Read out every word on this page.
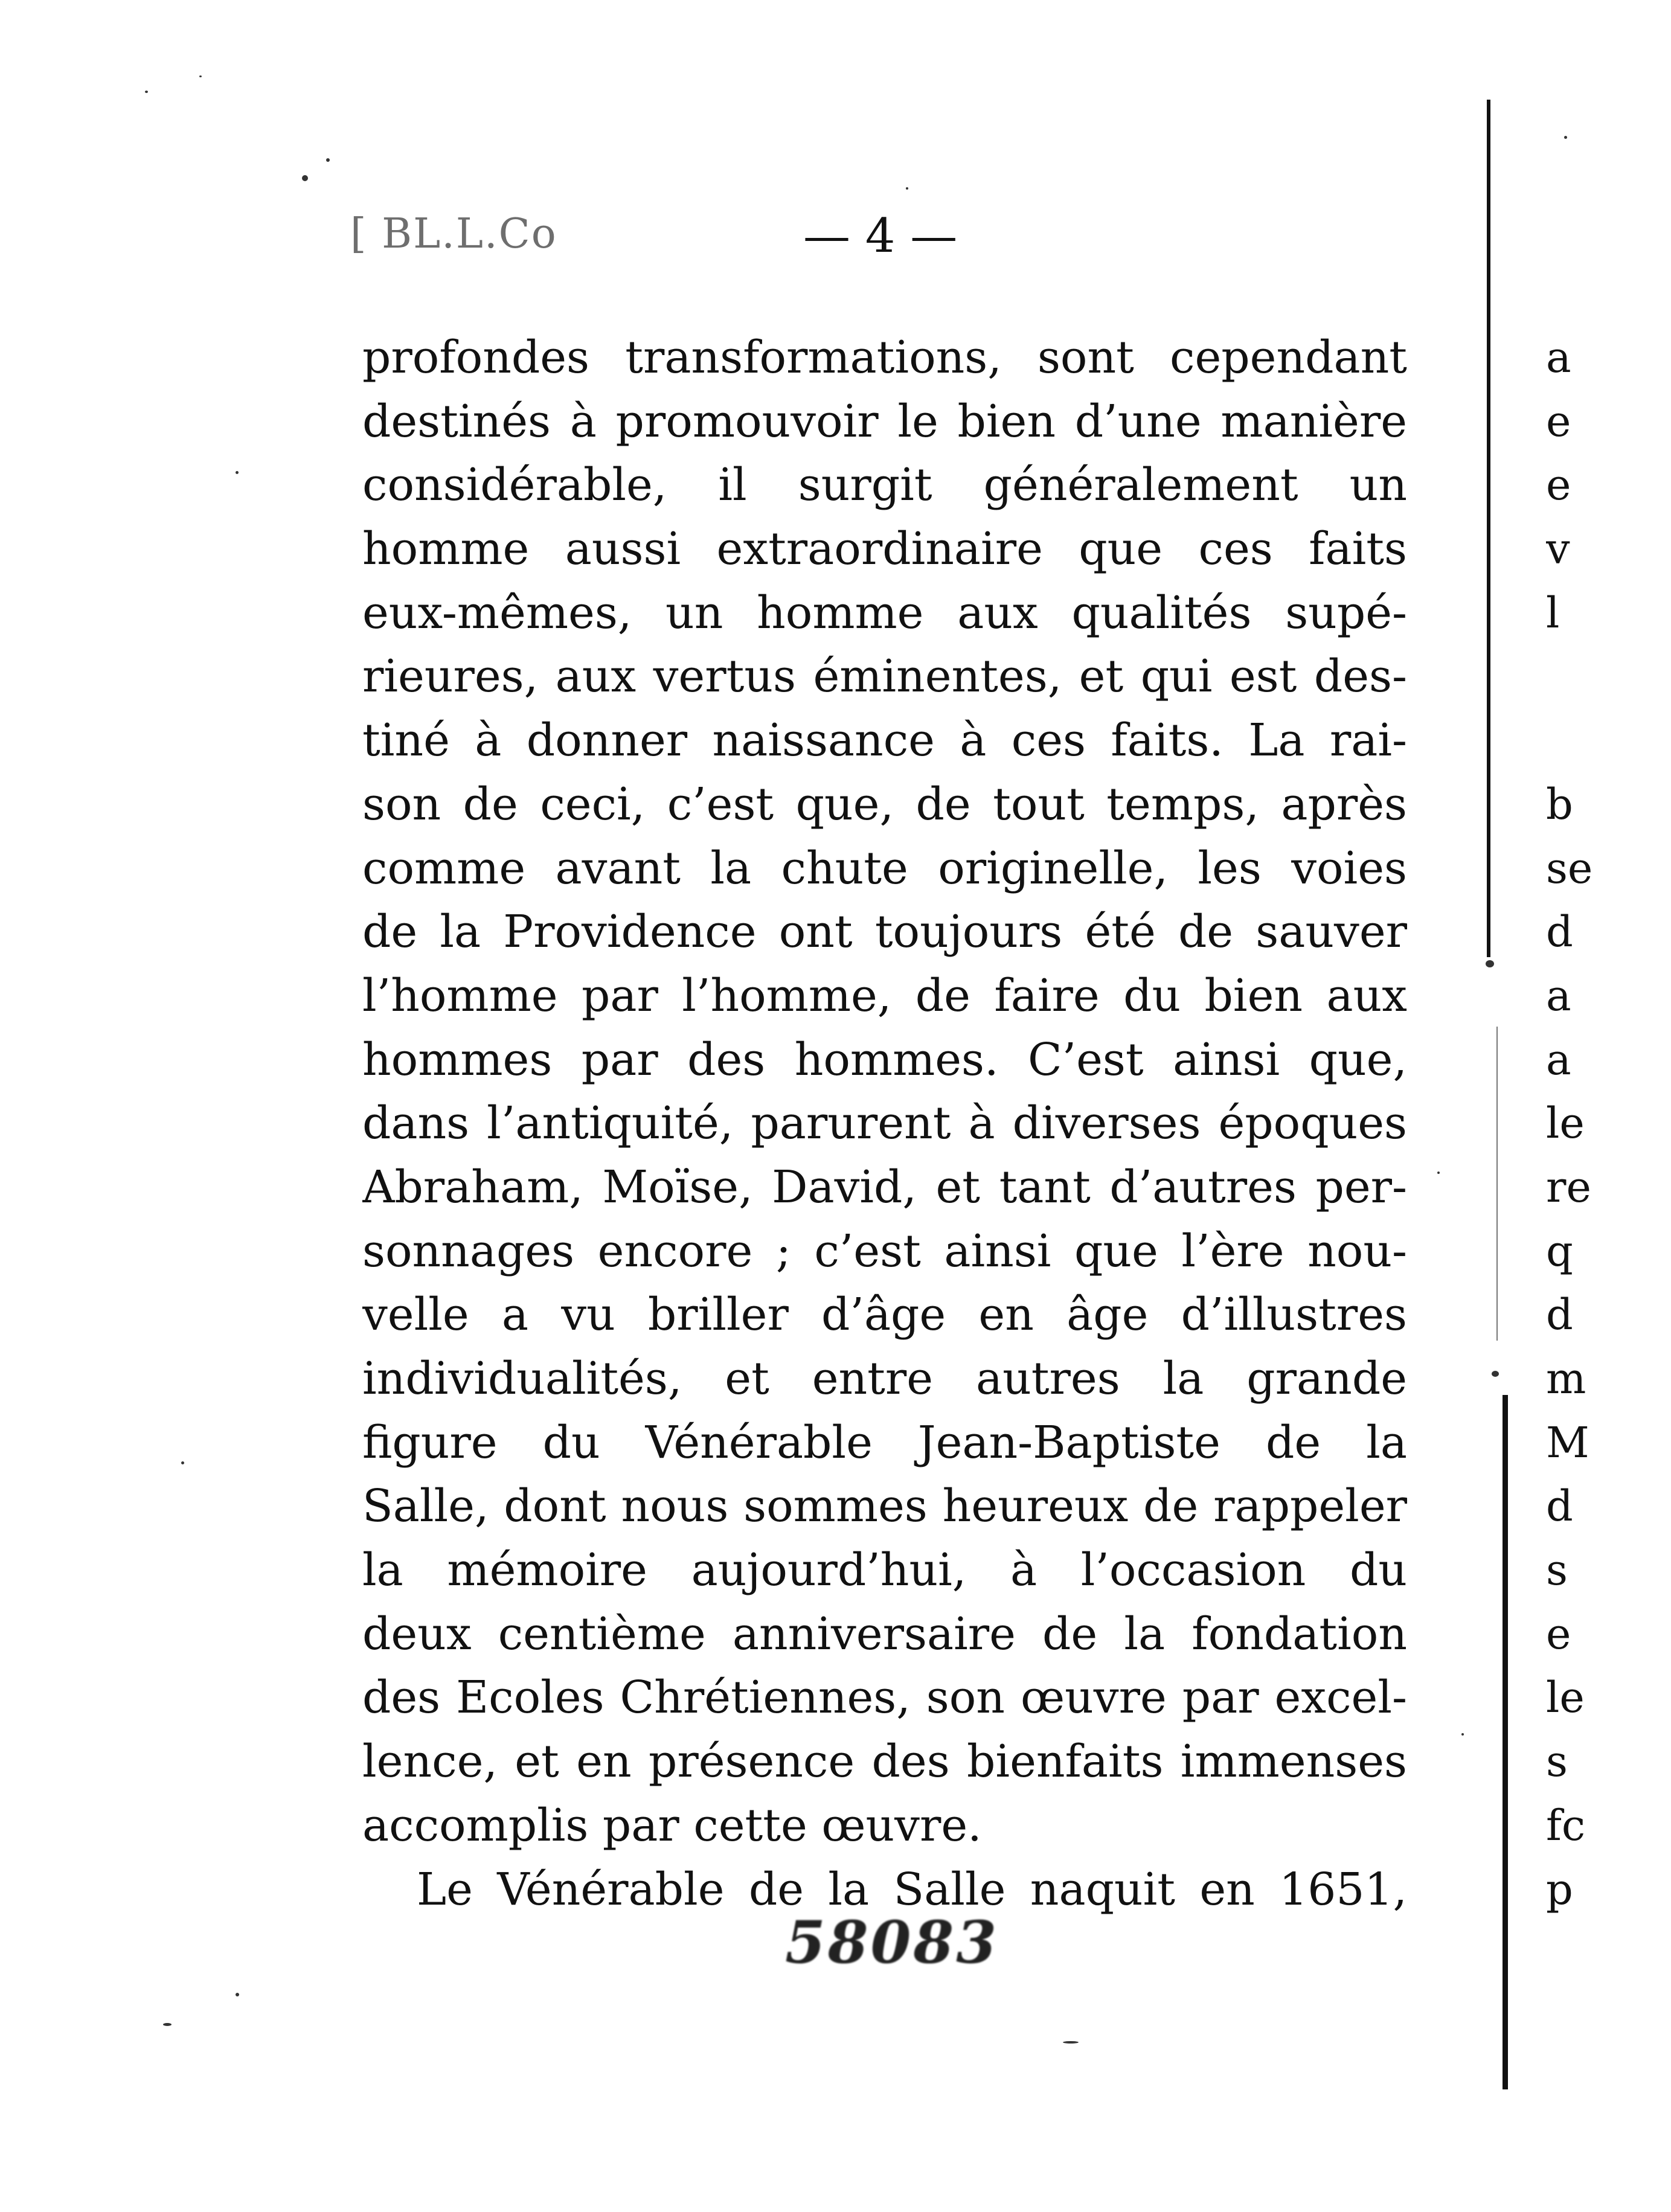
[ BL.L.Co	— 4 —
profondes transformations, sont cependant
destinés à promouvoir le bien d’une manière
considérable, il surgit généralement un
homme aussi extraordinaire que ces faits
eux-mêmes, un homme aux qualités supé-
rieures, aux vertus éminentes, et qui est des-
tiné à donner naissance à ces faits. La rai-
son de ceci, c’est que, de tout temps, après
comme avant la chute originelle, les voies
de la Providence ont toujours été de sauver
l’homme par l’homme, de faire du bien aux
hommes par des hommes. C’est ainsi que,
dans l’antiquité, parurent à diverses époques
Abraham, Moïse, David, et tant d’autres per-
sonnages encore ; c’est ainsi que l’ère nou-
velle a vu briller d’âge en âge d’illustres
individualités, et entre autres la grande
figure du Vénérable Jean-Baptiste de la
Salle, dont nous sommes heureux de rappeler
la mémoire aujourd’hui, à l’occasion du
deux centième anniversaire de la fondation
des Ecoles Chrétiennes, son œuvre par excel-
lence, et en présence des bienfaits immenses
accomplis par cette œuvre.
Le Vénérable de la Salle naquit en 1651,
58083
a
e
e
v
l
b
se
d
a
a
le
re
q
d
m
M
d
s
e
le
s
fc
p
